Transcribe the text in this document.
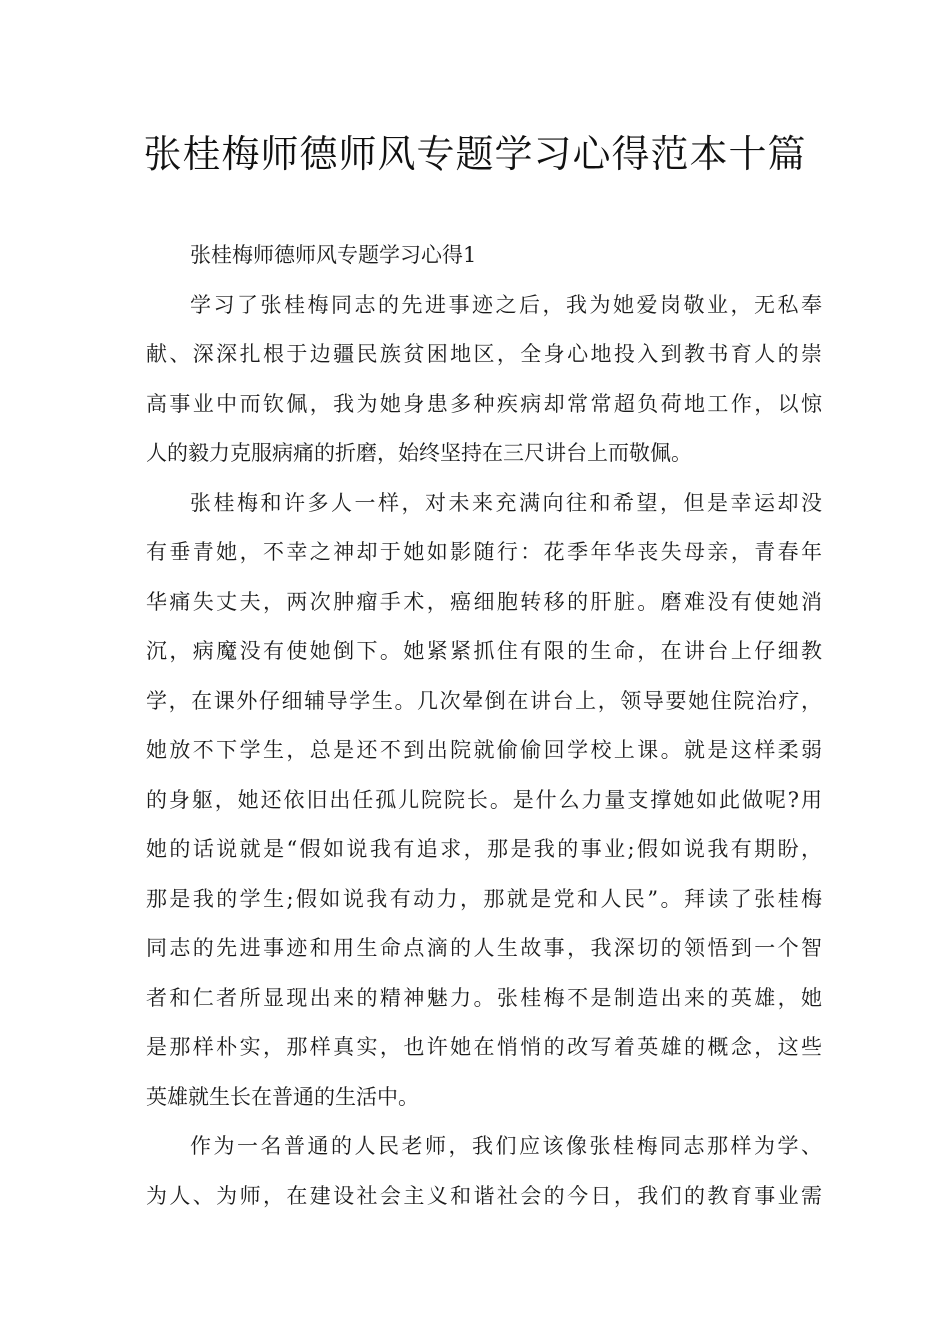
张桂梅师德师风专题学习心得范本十篇
张桂梅师德师风专题学习心得1
学习了张桂梅同志的先进事迹之后，我为她爱岗敬业，无私奉
献、深深扎根于边疆民族贫困地区，全身心地投入到教书育人的崇
高事业中而钦佩，我为她身患多种疾病却常常超负荷地工作，以惊
人的毅力克服病痛的折磨，始终坚持在三尺讲台上而敬佩。
张桂梅和许多人一样，对未来充满向往和希望，但是幸运却没
有垂青她，不幸之神却于她如影随行：花季年华丧失母亲，青春年
华痛失丈夫，两次肿瘤手术，癌细胞转移的肝脏。磨难没有使她消
沉，病魔没有使她倒下。她紧紧抓住有限的生命，在讲台上仔细教
学，在课外仔细辅导学生。几次晕倒在讲台上，领导要她住院治疗，
她放不下学生，总是还不到出院就偷偷回学校上课。就是这样柔弱
的身躯，她还依旧出任孤儿院院长。是什么力量支撑她如此做呢?用
她的话说就是“假如说我有追求，那是我的事业;假如说我有期盼，
那是我的学生;假如说我有动力，那就是党和人民”。拜读了张桂梅
同志的先进事迹和用生命点滴的人生故事，我深切的领悟到一个智
者和仁者所显现出来的精神魅力。张桂梅不是制造出来的英雄，她
是那样朴实，那样真实，也许她在悄悄的改写着英雄的概念，这些
英雄就生长在普通的生活中。
作为一名普通的人民老师，我们应该像张桂梅同志那样为学、
为人、为师，在建设社会主义和谐社会的今日，我们的教育事业需
